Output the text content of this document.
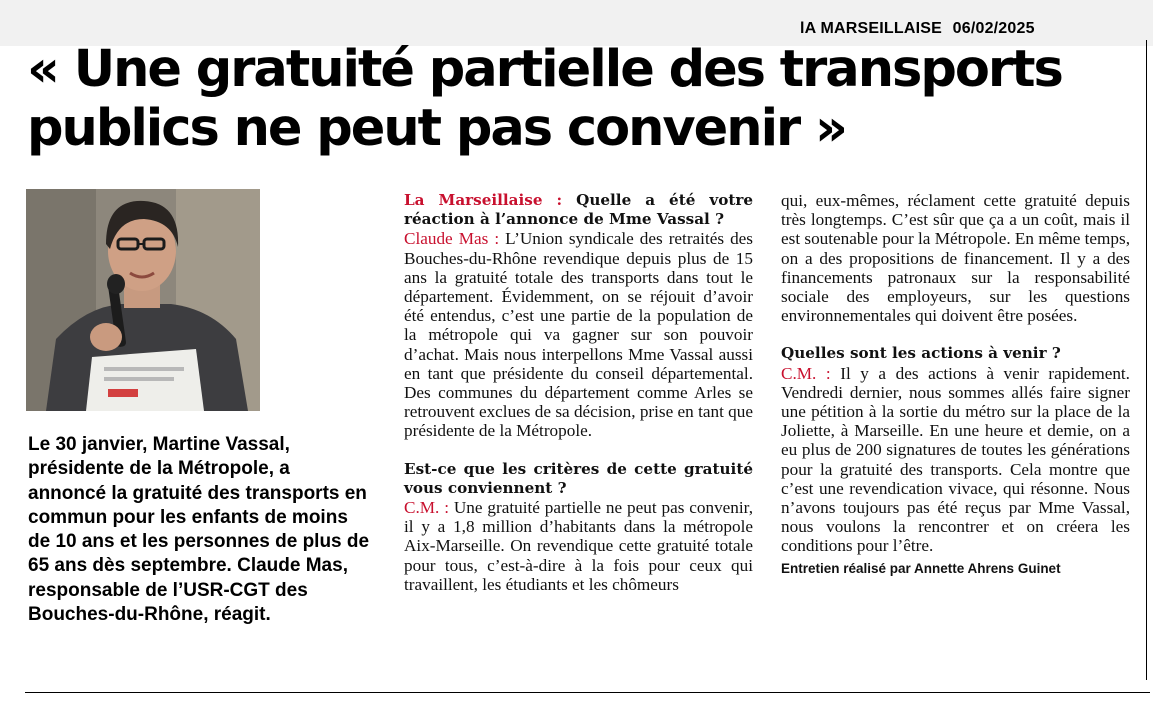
lA MARSEILLAISE 06/02/2025
« Une gratuité partielle des transports publics ne peut pas convenir »

Le 30 janvier, Martine Vassal, présidente de la Métropole, a annoncé la gratuité des transports en commun pour les enfants de moins de 10 ans et les personnes de plus de 65 ans dès septembre. Claude Mas, responsable de l’USR-CGT des Bouches-du-Rhône, réagit.

La Marseillaise : Quelle a été votre réaction à l’annonce de Mme Vassal ?

Claude Mas : L’Union syndicale des retraités des Bouches-du-Rhône revendique depuis plus de 15 ans la gratuité totale des transports dans tout le département. Évidemment, on se réjouit d’avoir été entendus, c’est une partie de la population de la métropole qui va gagner sur son pouvoir d’achat. Mais nous interpellons Mme Vassal aussi en tant que présidente du conseil départemental. Des communes du département comme Arles se retrouvent exclues de sa décision, prise en tant que présidente de la Métropole.

Est-ce que les critères de cette gratuité vous conviennent ?

C.M. : Une gratuité partielle ne peut pas convenir, il y a 1,8 million d’habitants dans la métropole Aix-Marseille. On revendique cette gratuité totale pour tous, c’est-à-dire à la fois pour ceux qui travaillent, les étudiants et les chômeurs

qui, eux-mêmes, réclament cette gratuité depuis très longtemps. C’est sûr que ça a un coût, mais il est soutenable pour la Métropole. En même temps, on a des propositions de financement. Il y a des financements patronaux sur la responsabilité sociale des employeurs, sur les questions environnementales qui doivent être posées.

Quelles sont les actions à venir ?

C.M. : Il y a des actions à venir rapidement. Vendredi dernier, nous sommes allés faire signer une pétition à la sortie du métro sur la place de la Joliette, à Marseille. En une heure et demie, on a eu plus de 200 signatures de toutes les générations pour la gratuité des transports. Cela montre que c’est une revendication vivace, qui résonne. Nous n’avons toujours pas été reçus par Mme Vassal, nous voulons la rencontrer et on créera les conditions pour l’être.

Entretien réalisé par Annette Ahrens Guinet
